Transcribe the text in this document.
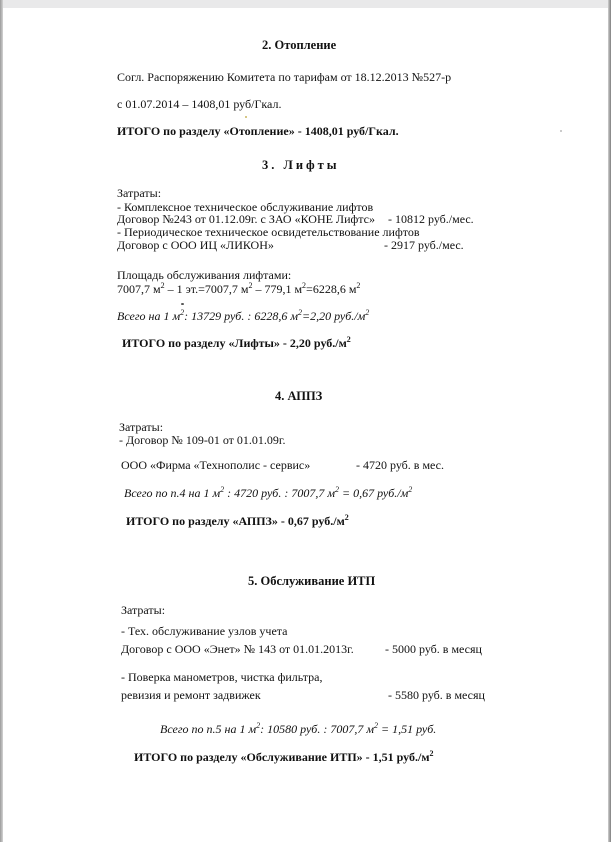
2. Отопление
Согл. Распоряжению Комитета по тарифам от 18.12.2013 №527-р
с 01.07.2014 – 1408,01 руб/Гкал.
ИТОГО по разделу «Отопление» - 1408,01 руб/Гкал.
3. Лифты
Затраты:
- Комплексное техническое обслуживание лифтов
Договор №243 от 01.12.09г. с ЗАО «КОНЕ Лифтс» - 10812 руб./мес.
- Периодическое техническое освидетельствование лифтов
Договор с ООО ИЦ «ЛИКОН»	- 2917 руб./мес.
Площадь обслуживания лифтами:
7007,7 $м^2 - 1$ эт.=7007,7 $м^2 - 779,1$ $м^2=6228,6$ $м^2$
Всего на 1 $м^2$: 13729 руб. : 6228,6 $м^2=2,20$ $руб./м^2$
ИТОГО по разделу «Лифты» - 2,20 $руб./м^2$
4. АППЗ
Затраты:
- Договор № 109-01 от 01.01.09г.
ООО «Фирма «Технополис - сервис»	- 4720 руб. в мес.
Всего по п.4 на 1 $м^2$ : 4720 руб. : 7007,7 $м^2 = 0,67$ $руб./м^2$
ИТОГО по разделу «АППЗ» - 0,67 $руб./м^2$
5. Обслуживание ИТП
Затраты:
- Тех. обслуживание узлов учета
Договор с ООО «Энет» № 143 от 01.01.2013г.	- 5000 руб. в месяц
- Поверка манометров, чистка фильтра,
ревизия и ремонт задвижек	- 5580 руб. в месяц
Всего по п.5 на 1 $м^2$: 10580 руб. : 7007,7 $м^2 = 1,51$ руб.
ИТОГО по разделу «Обслуживание ИТП» - 1,51 $руб./м^2$
